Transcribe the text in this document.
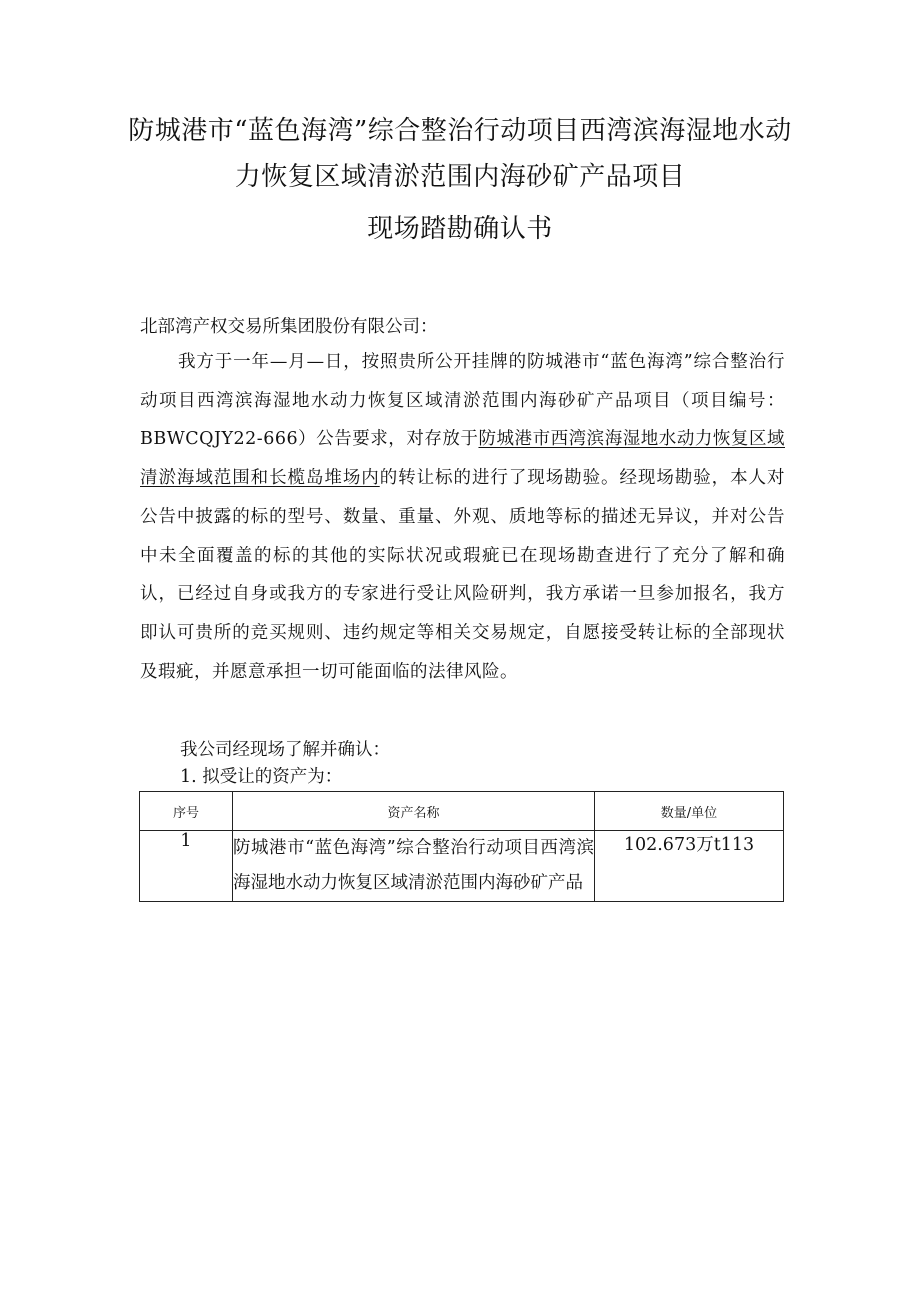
防城港市“蓝色海湾”综合整治行动项目西湾滨海湿地水动
力恢复区域清淤范围内海砂矿产品项目
现场踏勘确认书
北部湾产权交易所集团股份有限公司：
我方于一年—月—日，按照贵所公开挂牌的防城港市“蓝色海湾”综合整治行动项目西湾滨海湿地水动力恢复区域清淤范围内海砂矿产品项目（项目编号：BBWCQJY22-666）公告要求，对存放于防城港市西湾滨海湿地水动力恢复区域清淤海域范围和长榄岛堆场内的转让标的进行了现场勘验。经现场勘验，本人对公告中披露的标的型号、数量、重量、外观、质地等标的描述无异议，并对公告中未全面覆盖的标的其他的实际状况或瑕疵已在现场勘查进行了充分了解和确认，已经过自身或我方的专家进行受让风险研判，我方承诺一旦参加报名，我方即认可贵所的竞买规则、违约规定等相关交易规定，自愿接受转让标的全部现状及瑕疵，并愿意承担一切可能面临的法律风险。
我公司经现场了解并确认：
1. 拟受让的资产为：
序号	资产名称	数量/单位
1	防城港市“蓝色海湾”综合整治行动项目西湾滨海湿地水动力恢复区域清淤范围内海砂矿产品	102.673万t113
